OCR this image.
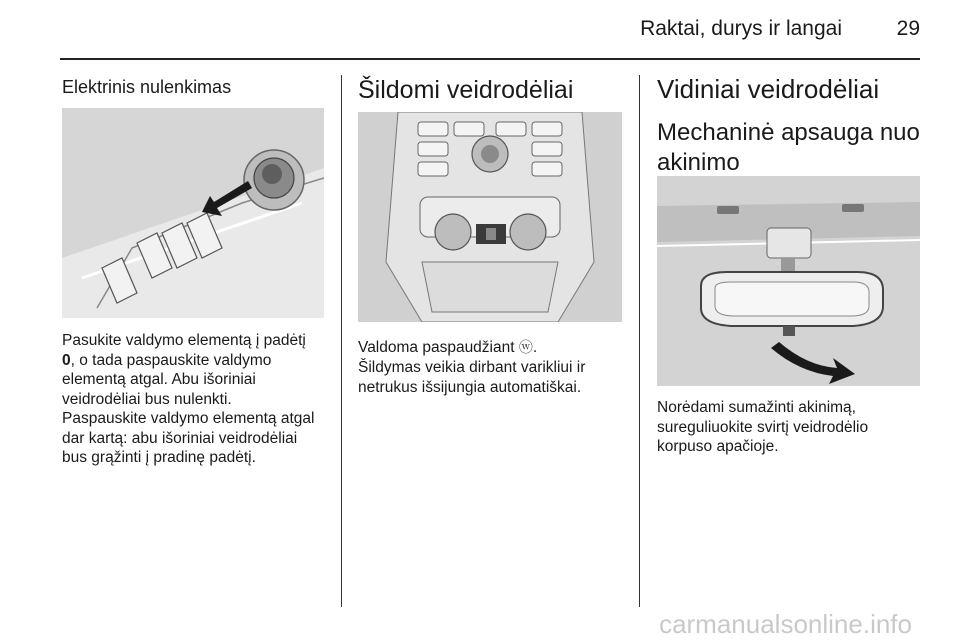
Raktai, durys ir langai	29
Elektrinis nulenkimas
Pasukite valdymo elementą į padėtį
0, o tada paspauskite valdymo
elementą atgal. Abu išoriniai
veidrodėliai bus nulenkti.
Paspauskite valdymo elementą atgal
dar kartą: abu išoriniai veidrodėliai
bus grąžinti į pradinę padėtį.
Šildomi veidrodėliai
Valdoma paspaudžiant ⓦ.
Šildymas veikia dirbant varikliui ir
netrukus išsijungia automatiškai.
Vidiniai veidrodėliai
Mechaninė apsauga nuo
akinimo
Norėdami sumažinti akinimą,
sureguliuokite svirtį veidrodėlio
korpuso apačioje.
carmanualsonline.info
